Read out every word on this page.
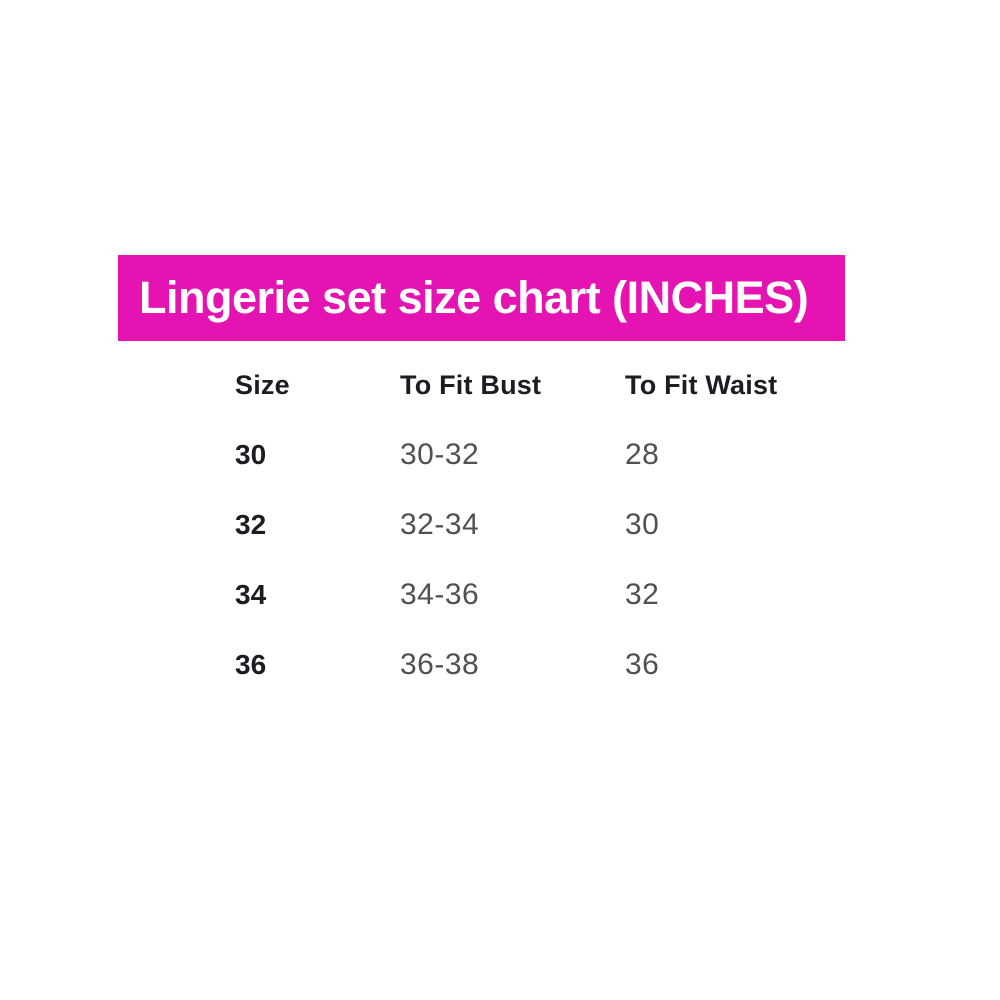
Lingerie set size chart (INCHES)
Size	To Fit Bust	To Fit Waist
30	30-32	28
32	32-34	30
34	34-36	32
36	36-38	36
